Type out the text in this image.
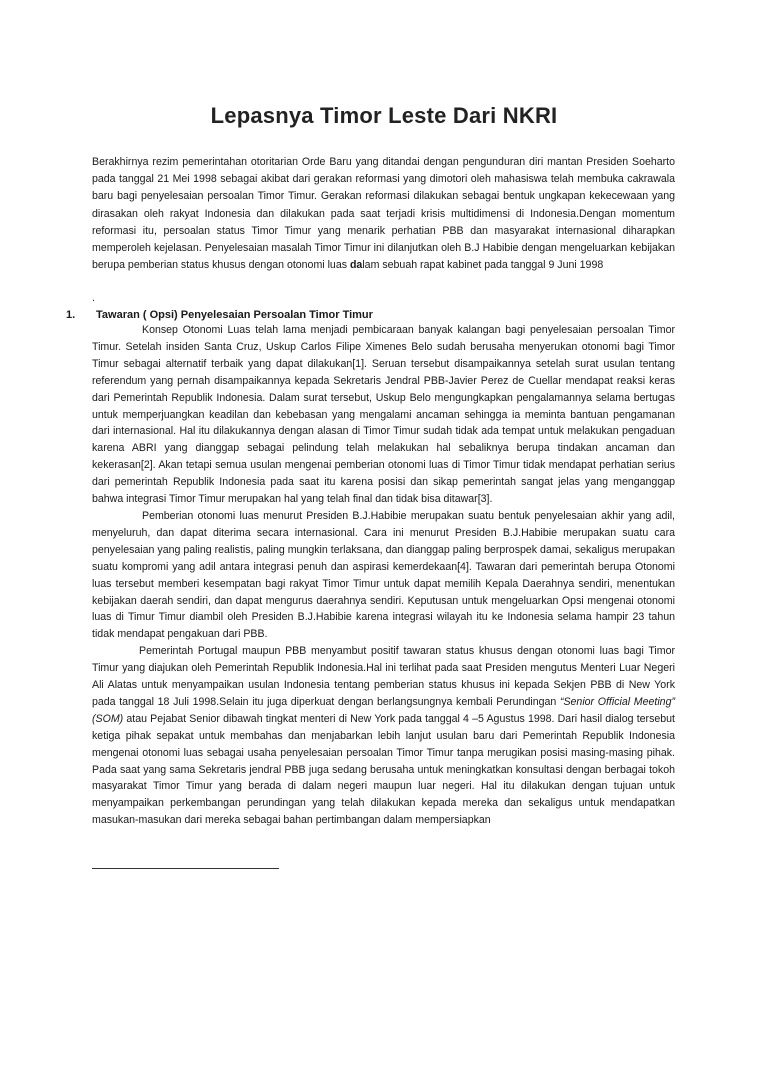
Lepasnya Timor Leste Dari NKRI
Berakhirnya rezim pemerintahan otoritarian Orde Baru yang ditandai dengan pengunduran diri mantan Presiden Soeharto pada tanggal 21 Mei 1998 sebagai akibat dari gerakan reformasi yang dimotori oleh mahasiswa telah membuka cakrawala baru bagi penyelesaian persoalan Timor Timur. Gerakan reformasi dilakukan sebagai bentuk ungkapan kekecewaan yang dirasakan oleh rakyat Indonesia dan dilakukan pada saat terjadi krisis multidimensi di Indonesia.Dengan momentum reformasi itu, persoalan status Timor Timur yang menarik perhatian PBB dan masyarakat internasional diharapkan memperoleh kejelasan. Penyelesaian masalah Timor Timur ini dilanjutkan oleh B.J Habibie dengan mengeluarkan kebijakan berupa pemberian status khusus dengan otonomi luas dalam sebuah rapat kabinet pada tanggal 9 Juni 1998
.
1. Tawaran ( Opsi) Penyelesaian Persoalan Timor Timur

Konsep Otonomi Luas telah lama menjadi pembicaraan banyak kalangan bagi penyelesaian persoalan Timor Timur. Setelah insiden Santa Cruz, Uskup Carlos Filipe Ximenes Belo sudah berusaha menyerukan otonomi bagi Timor Timur sebagai alternatif terbaik yang dapat dilakukan[1]. Seruan tersebut disampaikannya setelah surat usulan tentang referendum yang pernah disampaikannya kepada Sekretaris Jendral PBB-Javier Perez de Cuellar mendapat reaksi keras dari Pemerintah Republik Indonesia. Dalam surat tersebut, Uskup Belo mengungkapkan pengalamannya selama bertugas untuk memperjuangkan keadilan dan kebebasan yang mengalami ancaman sehingga ia meminta bantuan pengamanan dari internasional. Hal itu dilakukannya dengan alasan di Timor Timur sudah tidak ada tempat untuk melakukan pengaduan karena ABRI yang dianggap sebagai pelindung telah melakukan hal sebaliknya berupa tindakan ancaman dan kekerasan[2]. Akan tetapi semua usulan mengenai pemberian otonomi luas di Timor Timur tidak mendapat perhatian serius dari pemerintah Republik Indonesia pada saat itu karena posisi dan sikap pemerintah sangat jelas yang menganggap bahwa integrasi Timor Timur merupakan hal yang telah final dan tidak bisa ditawar[3].

Pemberian otonomi luas menurut Presiden B.J.Habibie merupakan suatu bentuk penyelesaian akhir yang adil, menyeluruh, dan dapat diterima secara internasional. Cara ini menurut Presiden B.J.Habibie merupakan suatu cara penyelesaian yang paling realistis, paling mungkin terlaksana, dan dianggap paling berprospek damai, sekaligus merupakan suatu kompromi yang adil antara integrasi penuh dan aspirasi kemerdekaan[4]. Tawaran dari pemerintah berupa Otonomi luas tersebut memberi kesempatan bagi rakyat Timor Timur untuk dapat memilih Kepala Daerahnya sendiri, menentukan kebijakan daerah sendiri, dan dapat mengurus daerahnya sendiri. Keputusan untuk mengeluarkan Opsi mengenai otonomi luas di Timur Timur diambil oleh Presiden B.J.Habibie karena integrasi wilayah itu ke Indonesia selama hampir 23 tahun tidak mendapat pengakuan dari PBB.

Pemerintah Portugal maupun PBB menyambut positif tawaran status khusus dengan otonomi luas bagi Timor Timur yang diajukan oleh Pemerintah Republik Indonesia.Hal ini terlihat pada saat Presiden mengutus Menteri Luar Negeri Ali Alatas untuk menyampaikan usulan Indonesia tentang pemberian status khusus ini kepada Sekjen PBB di New York pada tanggal 18 Juli 1998.Selain itu juga diperkuat dengan berlangsungnya kembali Perundingan “Senior Official Meeting” (SOM) atau Pejabat Senior dibawah tingkat menteri di New York pada tanggal 4 –5 Agustus 1998. Dari hasil dialog tersebut ketiga pihak sepakat untuk membahas dan menjabarkan lebih lanjut usulan baru dari Pemerintah Republik Indonesia mengenai otonomi luas sebagai usaha penyelesaian persoalan Timor Timur tanpa merugikan posisi masing-masing pihak. Pada saat yang sama Sekretaris jendral PBB juga sedang berusaha untuk meningkatkan konsultasi dengan berbagai tokoh masyarakat Timor Timur yang berada di dalam negeri maupun luar negeri. Hal itu dilakukan dengan tujuan untuk menyampaikan perkembangan perundingan yang telah dilakukan kepada mereka dan sekaligus untuk mendapatkan masukan-masukan dari mereka sebagai bahan pertimbangan dalam mempersiapkan
